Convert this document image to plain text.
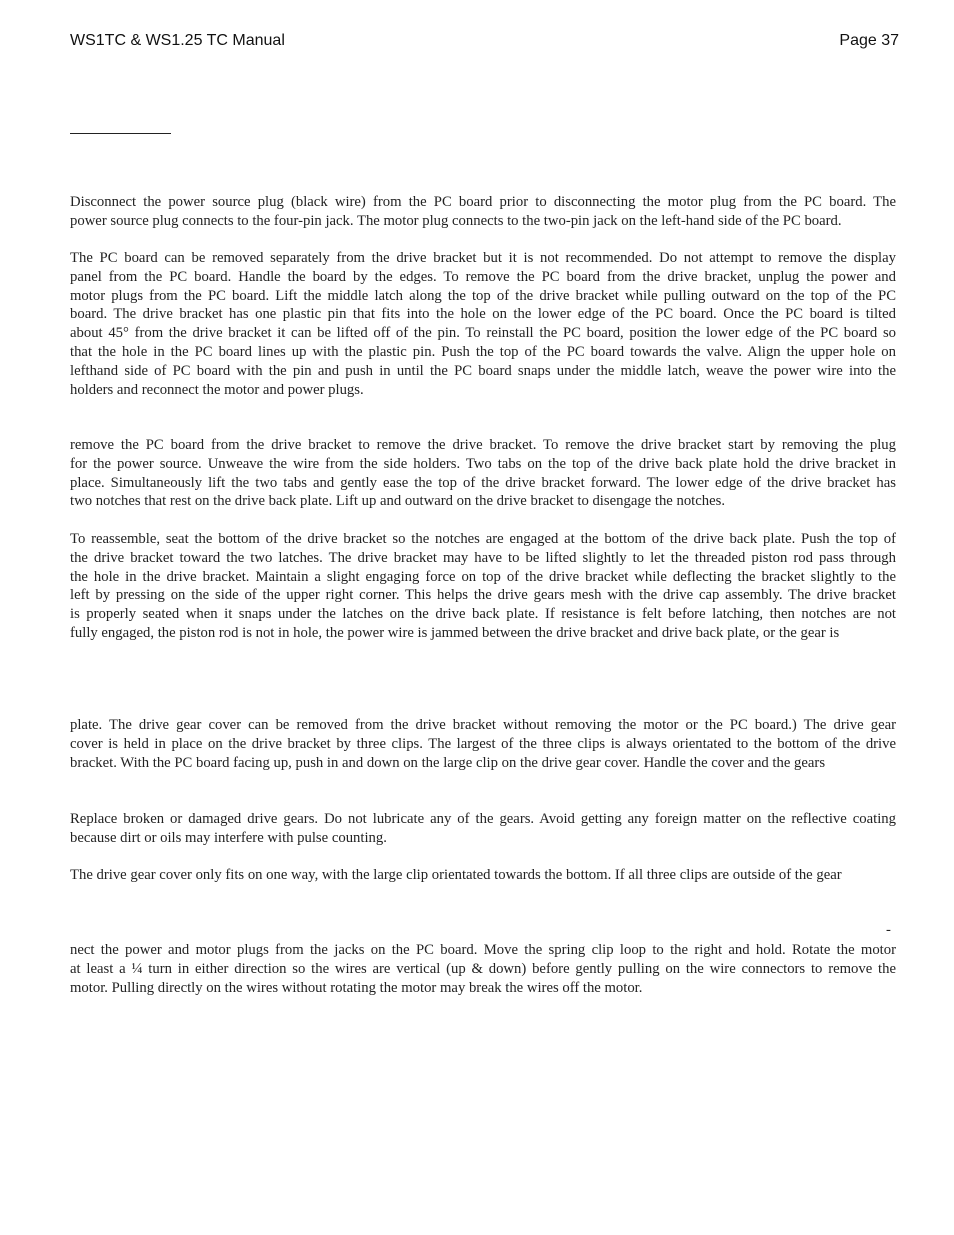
WS1TC & WS1.25 TC Manual	Page 37
Disconnect the power source plug (black wire) from the PC board prior to disconnecting the motor plug from the PC board. The
power source plug connects to the four-pin jack. The motor plug connects to the two-pin jack on the left-hand side of the PC board.
The PC board can be removed separately from the drive bracket but it is not recommended. Do not attempt to remove the display
panel from the PC board. Handle the board by the edges. To remove the PC board from the drive bracket, unplug the power and
motor plugs from the PC board. Lift the middle latch along the top of the drive bracket while pulling outward on the top of the PC
board. The drive bracket has one plastic pin that fits into the hole on the lower edge of the PC board. Once the PC board is tilted
about 45° from the drive bracket it can be lifted off of the pin. To reinstall the PC board, position the lower edge of the PC board so
that the hole in the PC board lines up with the plastic pin. Push the top of the PC board towards the valve. Align the upper hole on
lefthand side of PC board with the pin and push in until the PC board snaps under the middle latch, weave the power wire into the
holders and reconnect the motor and power plugs.
remove the PC board from the drive bracket to remove the drive bracket. To remove the drive bracket start by removing the plug
for the power source. Unweave the wire from the side holders. Two tabs on the top of the drive back plate hold the drive bracket in
place. Simultaneously lift the two tabs and gently ease the top of the drive bracket forward. The lower edge of the drive bracket has
two notches that rest on the drive back plate. Lift up and outward on the drive bracket to disengage the notches.
To reassemble, seat the bottom of the drive bracket so the notches are engaged at the bottom of the drive back plate. Push the top of
the drive bracket toward the two latches. The drive bracket may have to be lifted slightly to let the threaded piston rod pass through
the hole in the drive bracket. Maintain a slight engaging force on top of the drive bracket while deflecting the bracket slightly to the
left by pressing on the side of the upper right corner. This helps the drive gears mesh with the drive cap assembly. The drive bracket
is properly seated when it snaps under the latches on the drive back plate. If resistance is felt before latching, then notches are not
fully engaged, the piston rod is not in hole, the power wire is jammed between the drive bracket and drive back plate, or the gear is
plate. The drive gear cover can be removed from the drive bracket without removing the motor or the PC board.) The drive gear
cover is held in place on the drive bracket by three clips. The largest of the three clips is always orientated to the bottom of the drive
bracket. With the PC board facing up, push in and down on the large clip on the drive gear cover. Handle the cover and the gears
Replace broken or damaged drive gears. Do not lubricate any of the gears. Avoid getting any foreign matter on the reflective coating
because dirt or oils may interfere with pulse counting.
The drive gear cover only fits on one way, with the large clip orientated towards the bottom. If all three clips are outside of the gear
-
nect the power and motor plugs from the jacks on the PC board. Move the spring clip loop to the right and hold. Rotate the motor
at least a ¼ turn in either direction so the wires are vertical (up & down) before gently pulling on the wire connectors to remove the
motor. Pulling directly on the wires without rotating the motor may break the wires off the motor.
